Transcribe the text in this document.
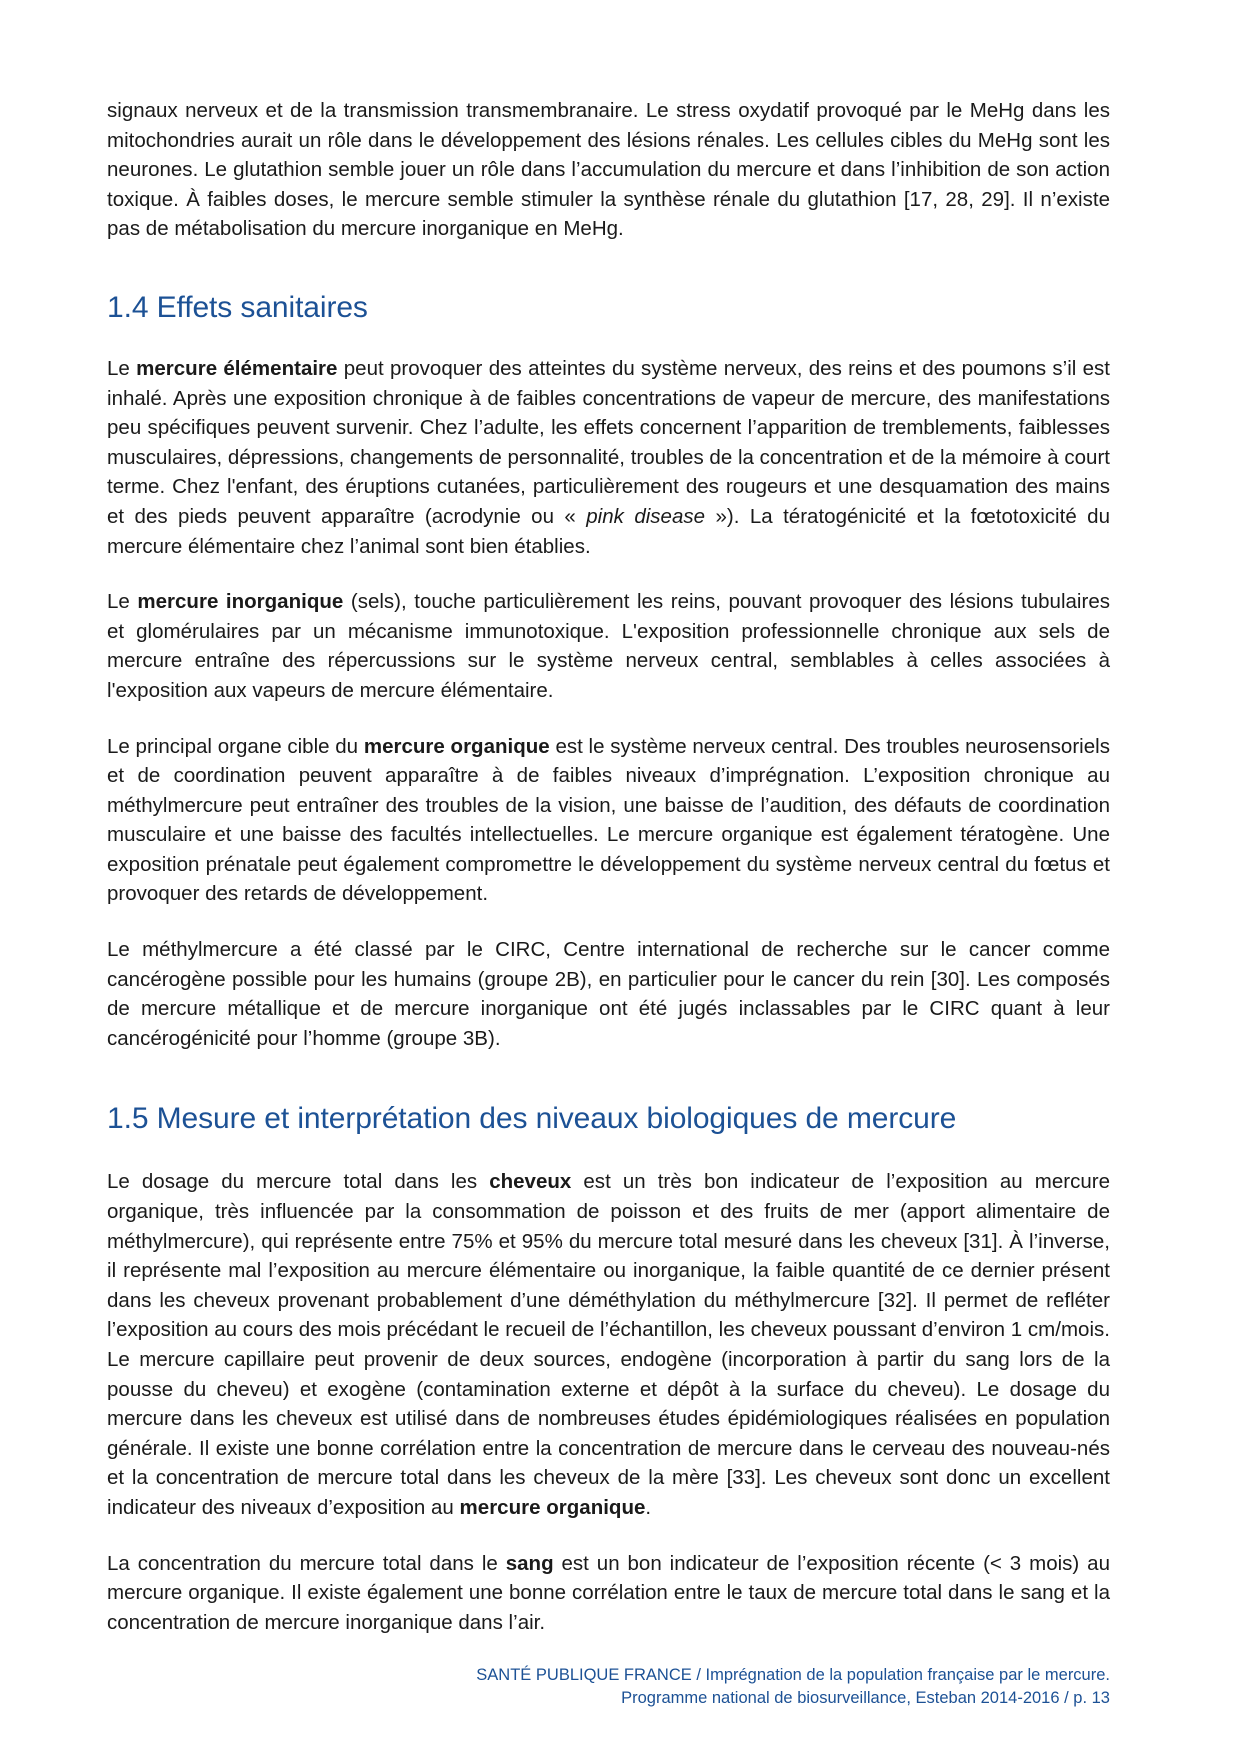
signaux nerveux et de la transmission transmembranaire. Le stress oxydatif provoqué par le MeHg dans les mitochondries aurait un rôle dans le développement des lésions rénales. Les cellules cibles du MeHg sont les neurones. Le glutathion semble jouer un rôle dans l’accumulation du mercure et dans l’inhibition de son action toxique. À faibles doses, le mercure semble stimuler la synthèse rénale du glutathion [17, 28, 29]. Il n’existe pas de métabolisation du mercure inorganique en MeHg.

1.4 Effets sanitaires

Le mercure élémentaire peut provoquer des atteintes du système nerveux, des reins et des poumons s’il est inhalé. Après une exposition chronique à de faibles concentrations de vapeur de mercure, des manifestations peu spécifiques peuvent survenir. Chez l’adulte, les effets concernent l’apparition de tremblements, faiblesses musculaires, dépressions, changements de personnalité, troubles de la concentration et de la mémoire à court terme. Chez l'enfant, des éruptions cutanées, particulièrement des rougeurs et une desquamation des mains et des pieds peuvent apparaître (acrodynie ou « pink disease »). La tératogénicité et la fœtotoxicité du mercure élémentaire chez l’animal sont bien établies.

Le mercure inorganique (sels), touche particulièrement les reins, pouvant provoquer des lésions tubulaires et glomérulaires par un mécanisme immunotoxique. L'exposition professionnelle chronique aux sels de mercure entraîne des répercussions sur le système nerveux central, semblables à celles associées à l'exposition aux vapeurs de mercure élémentaire.

Le principal organe cible du mercure organique est le système nerveux central. Des troubles neurosensoriels et de coordination peuvent apparaître à de faibles niveaux d’imprégnation. L’exposition chronique au méthylmercure peut entraîner des troubles de la vision, une baisse de l’audition, des défauts de coordination musculaire et une baisse des facultés intellectuelles. Le mercure organique est également tératogène. Une exposition prénatale peut également compromettre le développement du système nerveux central du fœtus et provoquer des retards de développement.

Le méthylmercure a été classé par le CIRC, Centre international de recherche sur le cancer comme cancérogène possible pour les humains (groupe 2B), en particulier pour le cancer du rein [30]. Les composés de mercure métallique et de mercure inorganique ont été jugés inclassables par le CIRC quant à leur cancérogénicité pour l’homme (groupe 3B).

1.5 Mesure et interprétation des niveaux biologiques de mercure

Le dosage du mercure total dans les cheveux est un très bon indicateur de l’exposition au mercure organique, très influencée par la consommation de poisson et des fruits de mer (apport alimentaire de méthylmercure), qui représente entre 75% et 95% du mercure total mesuré dans les cheveux [31]. À l’inverse, il représente mal l’exposition au mercure élémentaire ou inorganique, la faible quantité de ce dernier présent dans les cheveux provenant probablement d’une déméthylation du méthylmercure [32]. Il permet de refléter l’exposition au cours des mois précédant le recueil de l’échantillon, les cheveux poussant d’environ 1 cm/mois. Le mercure capillaire peut provenir de deux sources, endogène (incorporation à partir du sang lors de la pousse du cheveu) et exogène (contamination externe et dépôt à la surface du cheveu). Le dosage du mercure dans les cheveux est utilisé dans de nombreuses études épidémiologiques réalisées en population générale. Il existe une bonne corrélation entre la concentration de mercure dans le cerveau des nouveau-nés et la concentration de mercure total dans les cheveux de la mère [33]. Les cheveux sont donc un excellent indicateur des niveaux d’exposition au mercure organique.

La concentration du mercure total dans le sang est un bon indicateur de l’exposition récente (< 3 mois) au mercure organique. Il existe également une bonne corrélation entre le taux de mercure total dans le sang et la concentration de mercure inorganique dans l’air.

SANTÉ PUBLIQUE FRANCE / Imprégnation de la population française par le mercure.
Programme national de biosurveillance, Esteban 2014-2016 / p. 13
